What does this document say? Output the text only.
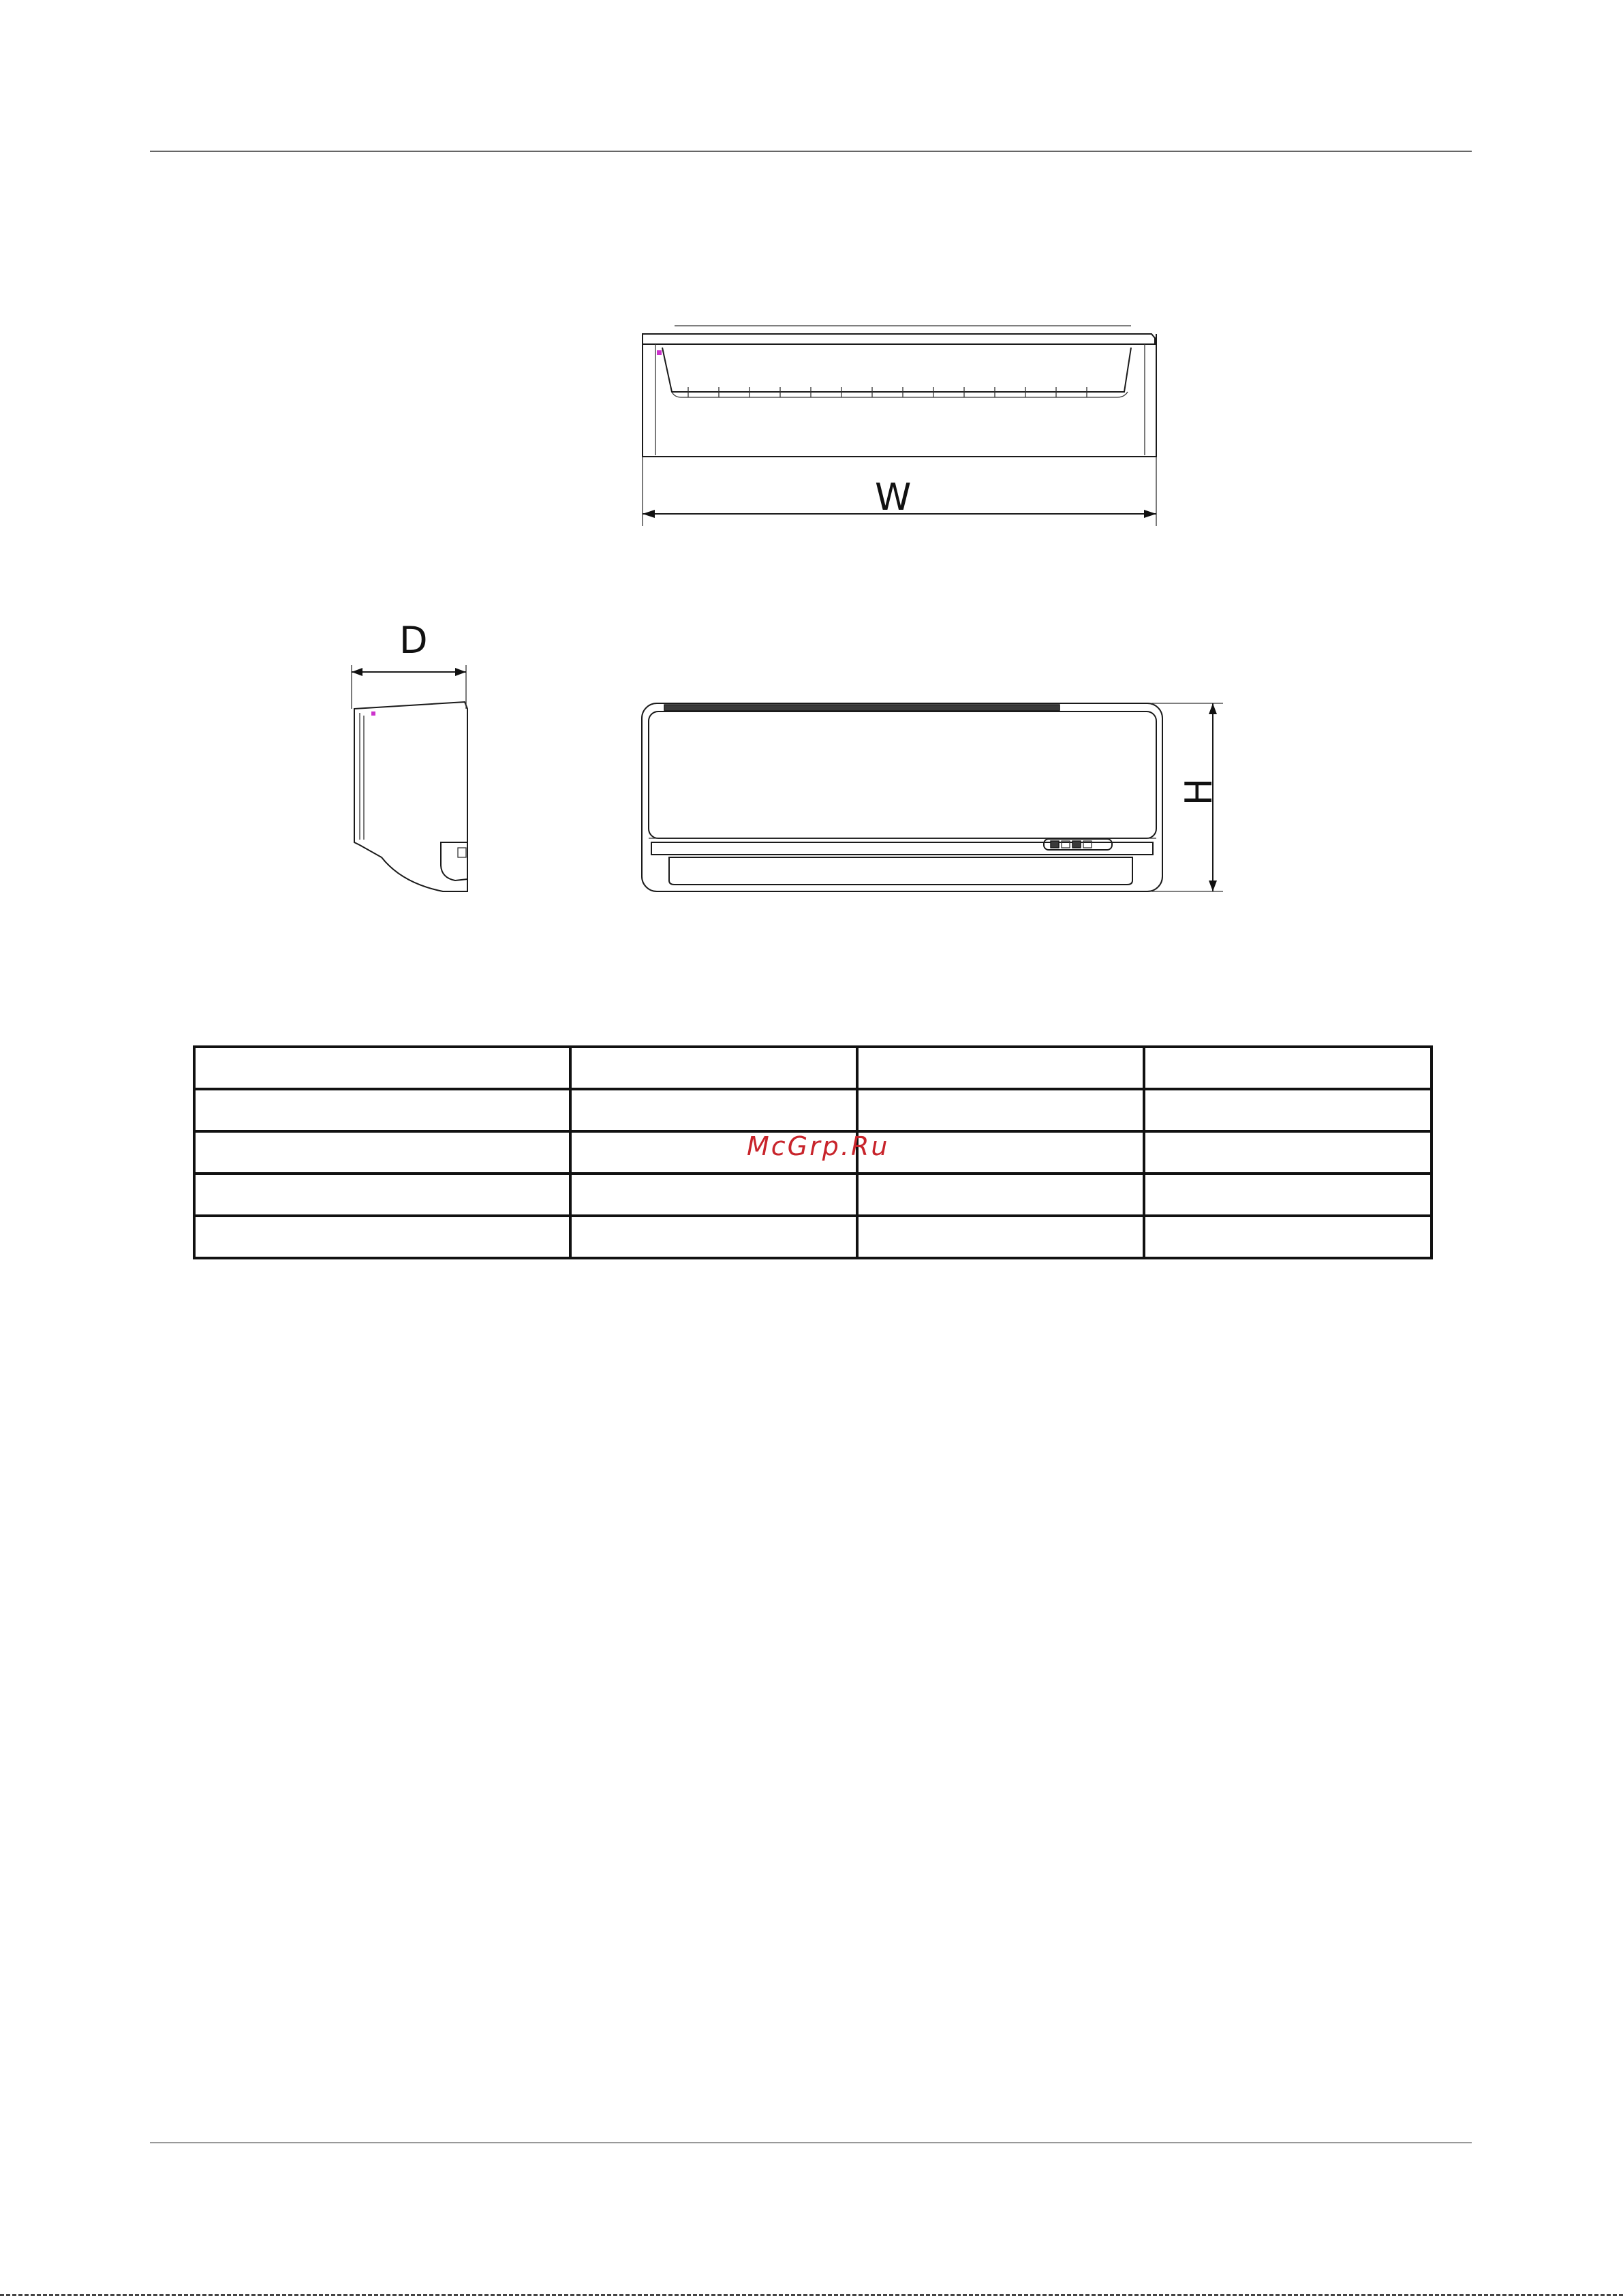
W
D
H

McGrp.Ru
